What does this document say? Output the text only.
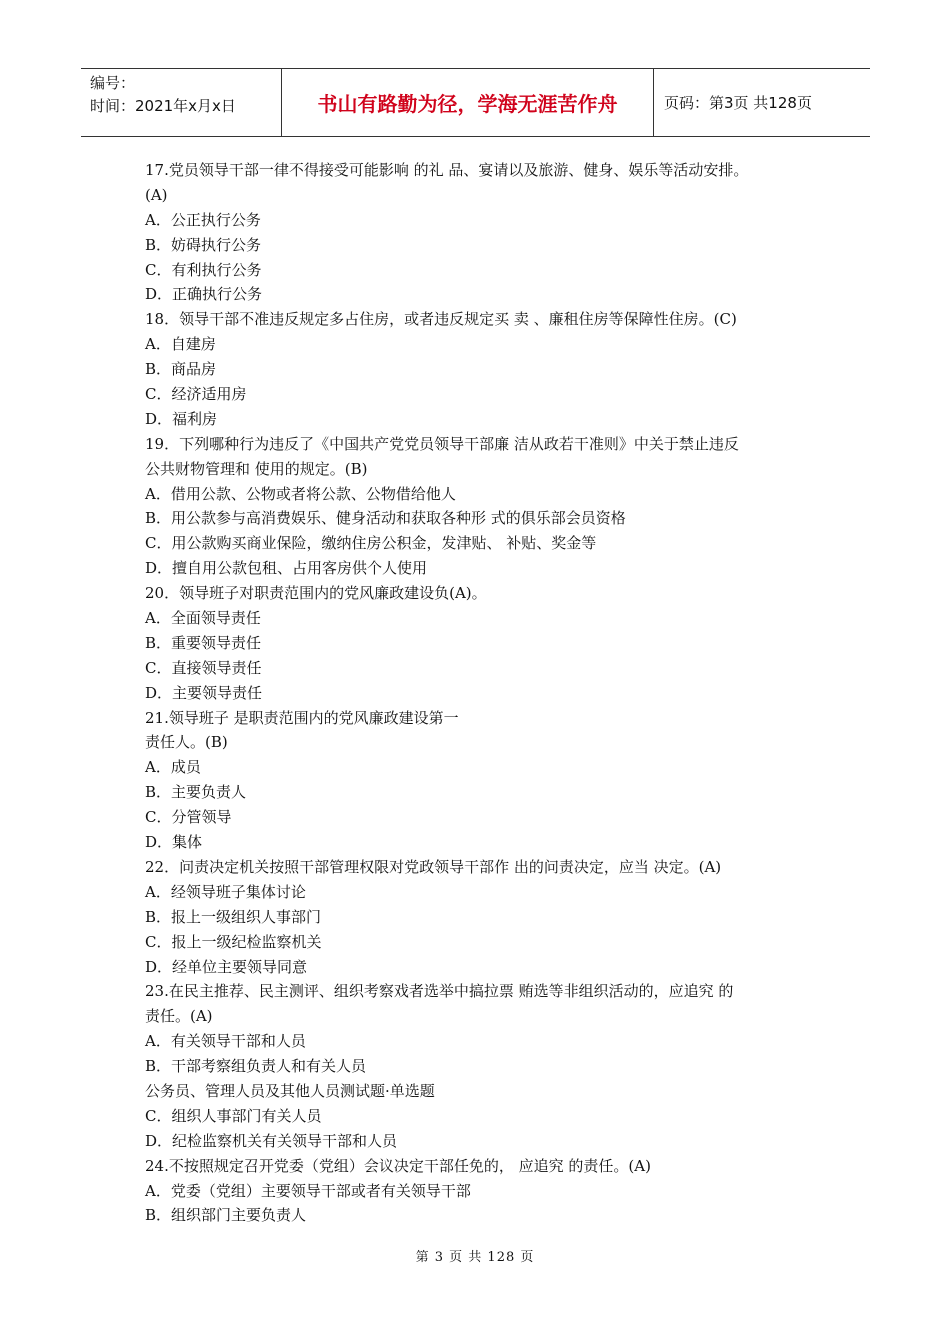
编号：
时间：2021年x月x日	书山有路勤为径，学海无涯苦作舟	页码：第3页 共128页
17.党员领导干部一律不得接受可能影响 的礼 品、宴请以及旅游、健身、娱乐等活动安排。
(A)
A．公正执行公务
B．妨碍执行公务
C．有利执行公务
D．正确执行公务
18．领导干部不准违反规定多占住房，或者违反规定买 卖 、廉租住房等保障性住房。(C)
A．自建房
B．商品房
C．经济适用房
D．福利房
19．下列哪种行为违反了《中国共产党党员领导干部廉 洁从政若干准则》中关于禁止违反
公共财物管理和 使用的规定。(B)
A．借用公款、公物或者将公款、公物借给他人
B．用公款参与高消费娱乐、健身活动和获取各种形 式的俱乐部会员资格
C．用公款购买商业保险，缴纳住房公积金，发津贴、 补贴、奖金等
D．擅自用公款包租、占用客房供个人使用
20．领导班子对职责范围内的党风廉政建设负(A)。
A．全面领导责任
B．重要领导责任
C．直接领导责任
D．主要领导责任
21.领导班子 是职责范围内的党风廉政建设第一
责任人。(B)
A．成员
B．主要负责人
C．分管领导
D．集体
22．问责决定机关按照干部管理权限对党政领导干部作 出的问责决定，应当 决定。(A)
A．经领导班子集体讨论
B．报上一级组织人事部门
C．报上一级纪检监察机关
D．经单位主要领导同意
23.在民主推荐、民主测评、组织考察戏者选举中搞拉票 贿选等非组织活动的，应追究 的
责任。(A)
A．有关领导干部和人员
B．干部考察组负责人和有关人员
公务员、管理人员及其他人员测试题·单选题
C．组织人事部门有关人员
D．纪检监察机关有关领导干部和人员
24.不按照规定召开党委（党组）会议决定干部任免的， 应追究 的责任。(A)
A．党委（党组）主要领导干部或者有关领导干部
B．组织部门主要负责人
第 3 页 共 128 页
